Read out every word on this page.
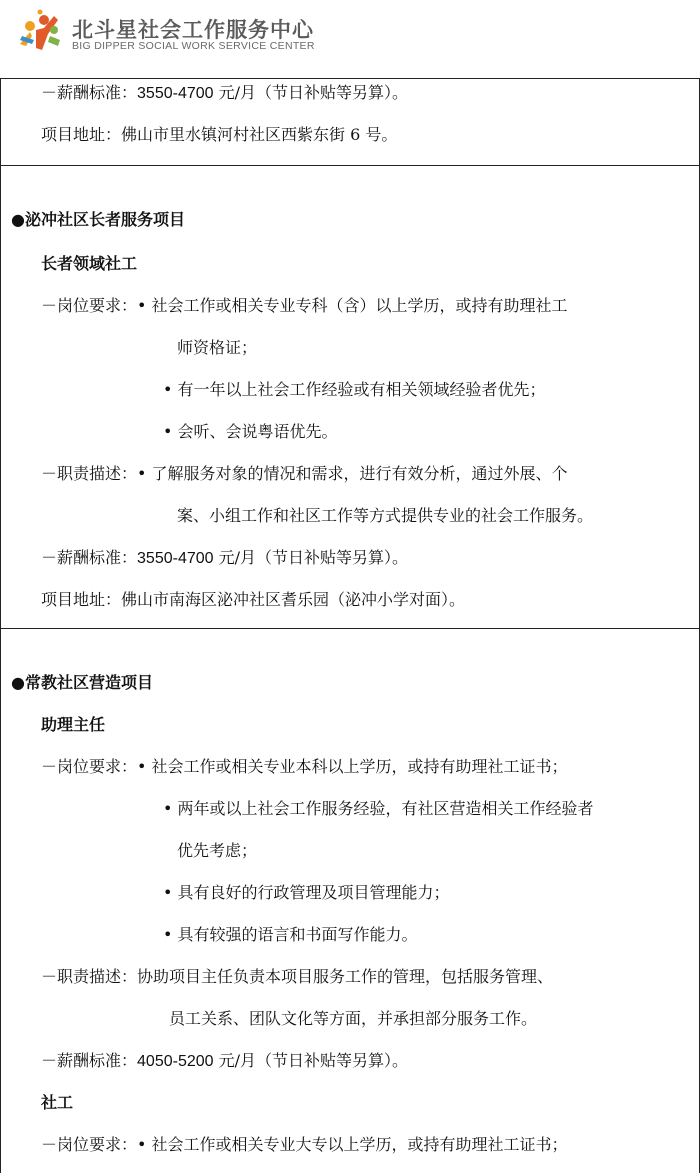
北斗星社会工作服务中心
BIG DIPPER SOCIAL WORK SERVICE CENTER
－薪酬标准：3550-4700 元/月（节日补贴等另算）。
项目地址：佛山市里水镇河村社区西紫东街 6 号。
●泌冲社区长者服务项目
长者领域社工
－岗位要求：• 社会工作或相关专业专科（含）以上学历，或持有助理社工
师资格证；
• 有一年以上社会工作经验或有相关领域经验者优先；
• 会听、会说粤语优先。
－职责描述：• 了解服务对象的情况和需求，进行有效分析，通过外展、个
案、小组工作和社区工作等方式提供专业的社会工作服务。
－薪酬标准：3550-4700 元/月（节日补贴等另算）。
项目地址：佛山市南海区泌冲社区耆乐园（泌冲小学对面）。
●常教社区营造项目
助理主任
－岗位要求：• 社会工作或相关专业本科以上学历，或持有助理社工证书；
• 两年或以上社会工作服务经验，有社区营造相关工作经验者
优先考虑；
• 具有良好的行政管理及项目管理能力；
• 具有较强的语言和书面写作能力。
－职责描述：协助项目主任负责本项目服务工作的管理，包括服务管理、
员工关系、团队文化等方面，并承担部分服务工作。
－薪酬标准：4050-5200 元/月（节日补贴等另算）。
社工
－岗位要求：• 社会工作或相关专业大专以上学历，或持有助理社工证书；
